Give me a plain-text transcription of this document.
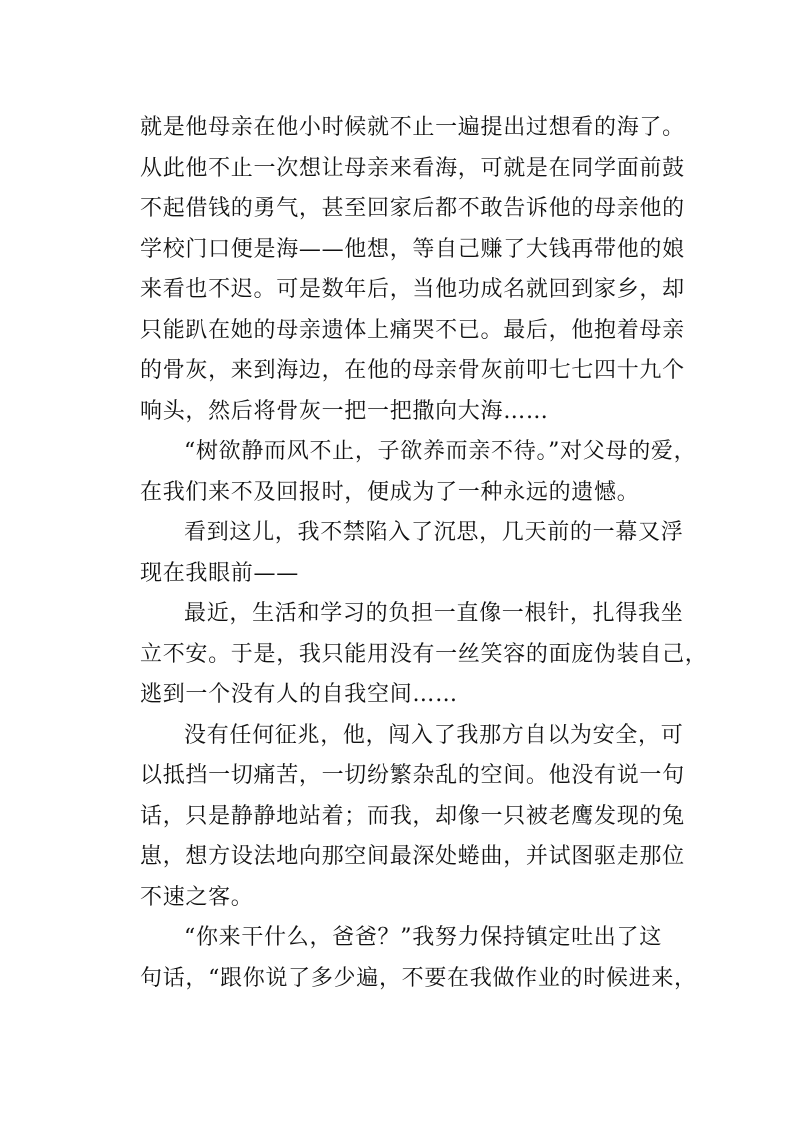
就是他母亲在他小时候就不止一遍提出过想看的海了。
从此他不止一次想让母亲来看海，可就是在同学面前鼓
不起借钱的勇气，甚至回家后都不敢告诉他的母亲他的
学校门口便是海——他想，等自己赚了大钱再带他的娘
来看也不迟。可是数年后，当他功成名就回到家乡，却
只能趴在她的母亲遗体上痛哭不已。最后，他抱着母亲
的骨灰，来到海边，在他的母亲骨灰前叩七七四十九个
响头，然后将骨灰一把一把撒向大海……
“树欲静而风不止，子欲养而亲不待。”对父母的爱，
在我们来不及回报时，便成为了一种永远的遗憾。
看到这儿，我不禁陷入了沉思，几天前的一幕又浮
现在我眼前——
最近，生活和学习的负担一直像一根针，扎得我坐
立不安。于是，我只能用没有一丝笑容的面庞伪装自己，
逃到一个没有人的自我空间……
没有任何征兆，他，闯入了我那方自以为安全，可
以抵挡一切痛苦，一切纷繁杂乱的空间。他没有说一句
话，只是静静地站着；而我，却像一只被老鹰发现的兔
崽，想方设法地向那空间最深处蜷曲，并试图驱走那位
不速之客。
“你来干什么，爸爸？”我努力保持镇定吐出了这
句话，“跟你说了多少遍，不要在我做作业的时候进来，
